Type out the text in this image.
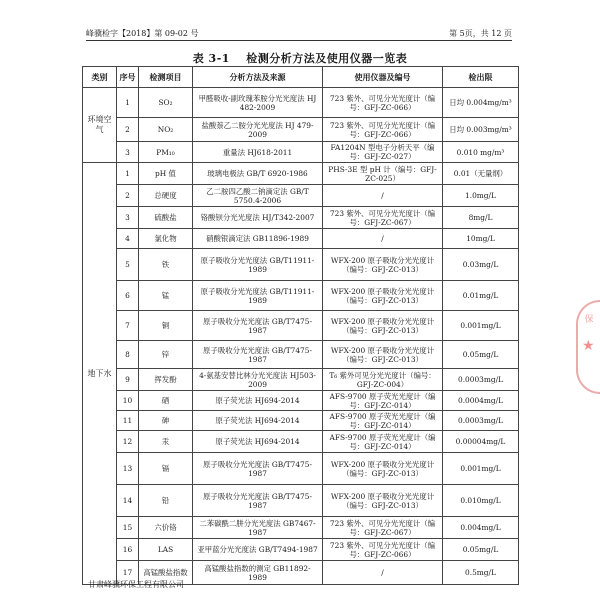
峰骥检字【2018】第 09-02 号	第 5页，共 12 页
表 3-1 检测分析方法及使用仪器一览表
类别	序号	检测项目	分析方法及来源	使用仪器及编号	检出限
环境空气	1	SO₂	甲醛吸收-副玫瑰苯胺分光光度法 HJ 482-2009	723 紫外、可见分光光度计（编号：GFJ-ZC-066）	日均 0.004mg/m³
	2	NO₂	盐酸萘乙二胺分光光度法 HJ 479-2009	723 紫外、可见分光光度计（编号：GFJ-ZC-066）	日均 0.003mg/m³
	3	PM₁₀	重量法 HJ618-2011	FA1204N 型电子分析天平（编号：GFJ-ZC-027）	0.010 mg/m³
地下水	1	pH 值	玻璃电极法 GB/T 6920-1986	PHS-3E 型 pH 计（编号：GFJ-ZC-025）	0.01（无量纲）
	2	总硬度	乙二胺四乙酸二钠滴定法 GB/T 5750.4-2006	/	1.0mg/L
	3	硫酸盐	铬酸钡分光光度法 HJ/T342-2007	723 紫外、可见分光光度计（编号：GFJ-ZC-067）	8mg/L
	4	氯化物	硝酸银滴定法 GB11896-1989	/	10mg/L
	5	铁	原子吸收分光光度法 GB/T11911-1989	WFX-200 原子吸收分光光度计（编号：GFJ-ZC-013）	0.03mg/L
	6	锰	原子吸收分光光度法 GB/T11911-1989	WFX-200 原子吸收分光光度计（编号：GFJ-ZC-013）	0.01mg/L
	7	铜	原子吸收分光光度法 GB/T7475-1987	WFX-200 原子吸收分光光度计（编号：GFJ-ZC-013）	0.001mg/L
	8	锌	原子吸收分光光度法 GB/T7475-1987	WFX-200 原子吸收分光光度计（编号：GFJ-ZC-013）	0.05mg/L
	9	挥发酚	4-氨基安替比林分光光度法 HJ503-2009	T₆ 紫外可见分光光度计（编号：GFJ-ZC-004）	0.0003mg/L
	10	硒	原子荧光法 HJ694-2014	AFS-9700 原子荧光光度计（编号：GFJ-ZC-014）	0.0004mg/L
	11	砷	原子荧光法 HJ694-2014	AFS-9700 原子荧光光度计（编号：GFJ-ZC-014）	0.0003mg/L
	12	汞	原子荧光法 HJ694-2014	AFS-9700 原子荧光光度计（编号：GFJ-ZC-014）	0.00004mg/L
	13	镉	原子吸收分光光度法 GB/T7475-1987	WFX-200 原子吸收分光光度计（编号：GFJ-ZC-013）	0.001mg/L
	14	铅	原子吸收分光光度法 GB/T7475-1987	WFX-200 原子吸收分光光度计（编号：GFJ-ZC-013）	0.010mg/L
	15	六价铬	二苯碳酰二肼分光光度法 GB7467-1987	723 紫外、可见分光光度计（编号：GFJ-ZC-067）	0.004mg/L
	16	LAS	亚甲蓝分光光度法 GB/T7494-1987	723 紫外、可见分光光度计（编号：GFJ-ZC-066）	0.05mg/L
	17	高锰酸盐指数	高锰酸盐指数的测定 GB11892-1989	/	0.5mg/L
保
★
甘肃峰骥环保工程有限公司
